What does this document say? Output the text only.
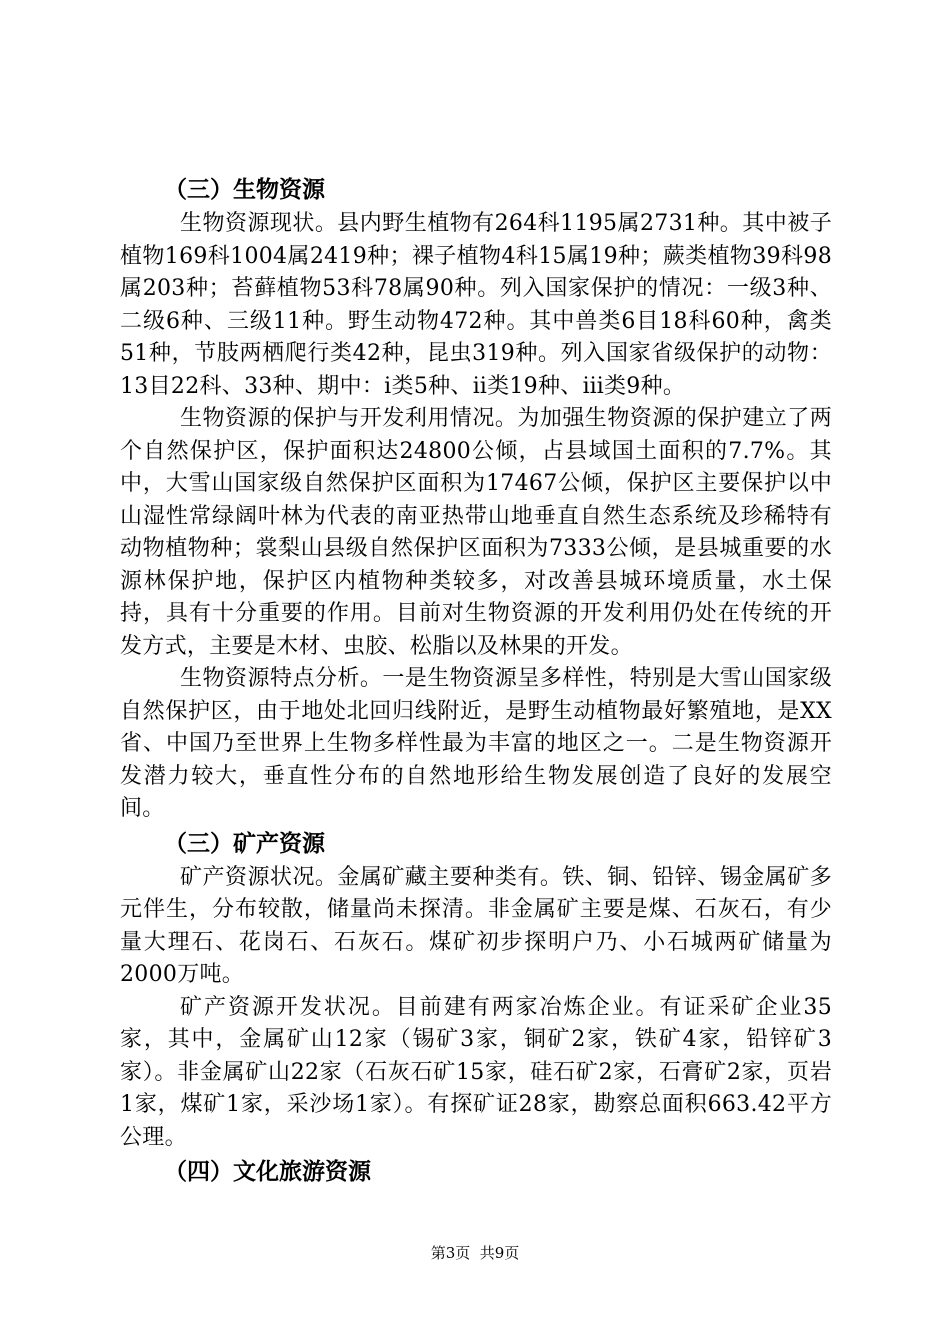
（三）生物资源

生物资源现状。县内野生植物有264科1195属2731种。其中被子植物169科1004属2419种；裸子植物4科15属19种；蕨类植物39科98属203种；苔藓植物53科78属90种。列入国家保护的情况：一级3种、二级6种、三级11种。野生动物472种。其中兽类6目18科60种，禽类51种，节肢两栖爬行类42种，昆虫319种。列入国家省级保护的动物：13目22科、33种、期中：ⅰ类5种、ⅱ类19种、ⅲ类9种。

生物资源的保护与开发利用情况。为加强生物资源的保护建立了两个自然保护区，保护面积达24800公倾，占县域国土面积的7.7%。其中，大雪山国家级自然保护区面积为17467公倾，保护区主要保护以中山湿性常绿阔叶林为代表的南亚热带山地垂直自然生态系统及珍稀特有动物植物种；裳梨山县级自然保护区面积为7333公倾，是县城重要的水源林保护地，保护区内植物种类较多，对改善县城环境质量，水土保持，具有十分重要的作用。目前对生物资源的开发利用仍处在传统的开发方式，主要是木材、虫胶、松脂以及林果的开发。

生物资源特点分析。一是生物资源呈多样性，特别是大雪山国家级自然保护区，由于地处北回归线附近，是野生动植物最好繁殖地，是XX省、中国乃至世界上生物多样性最为丰富的地区之一。二是生物资源开发潜力较大，垂直性分布的自然地形给生物发展创造了良好的发展空间。

（三）矿产资源

矿产资源状况。金属矿藏主要种类有。铁、铜、铅锌、锡金属矿多元伴生，分布较散，储量尚未探清。非金属矿主要是煤、石灰石，有少量大理石、花岗石、石灰石。煤矿初步探明户乃、小石城两矿储量为2000万吨。

矿产资源开发状况。目前建有两家冶炼企业。有证采矿企业35家，其中，金属矿山12家（锡矿3家，铜矿2家，铁矿4家，铅锌矿3家）。非金属矿山22家（石灰石矿15家，硅石矿2家，石膏矿2家，页岩1家，煤矿1家，采沙场1家）。有探矿证28家，勘察总面积663.42平方公理。

（四）文化旅游资源
第3页  共9页
